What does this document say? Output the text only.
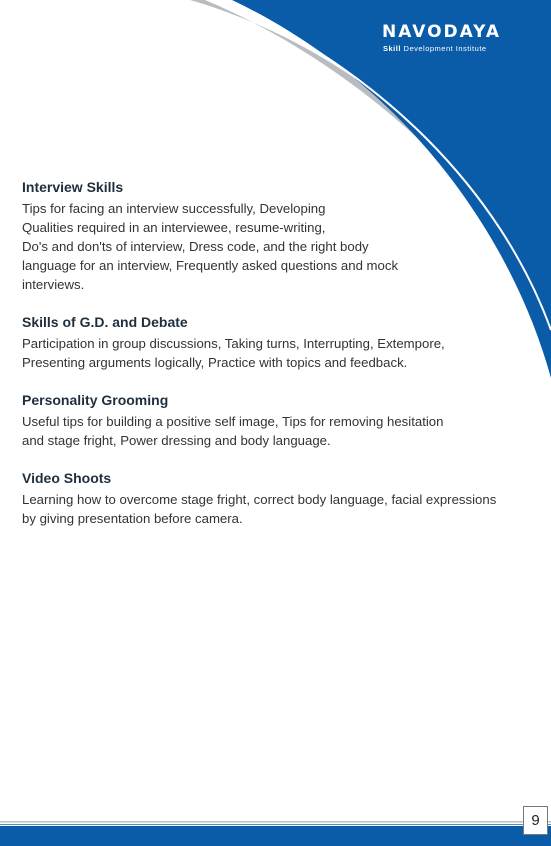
NAVODAYA
Skill Development Institute
Interview Skills

Tips for facing an interview successfully, Developing
Qualities required in an interviewee, resume-writing,
Do's and don'ts of interview, Dress code, and the right body
language for an interview, Frequently asked questions and mock
interviews.

Skills of G.D. and Debate

Participation in group discussions, Taking turns, Interrupting, Extempore,
Presenting arguments logically, Practice with topics and feedback.

Personality Grooming

Useful tips for building a positive self image, Tips for removing hesitation
and stage fright, Power dressing and body language.

Video Shoots

Learning how to overcome stage fright, correct body language, facial expressions
by giving presentation before camera.

9
